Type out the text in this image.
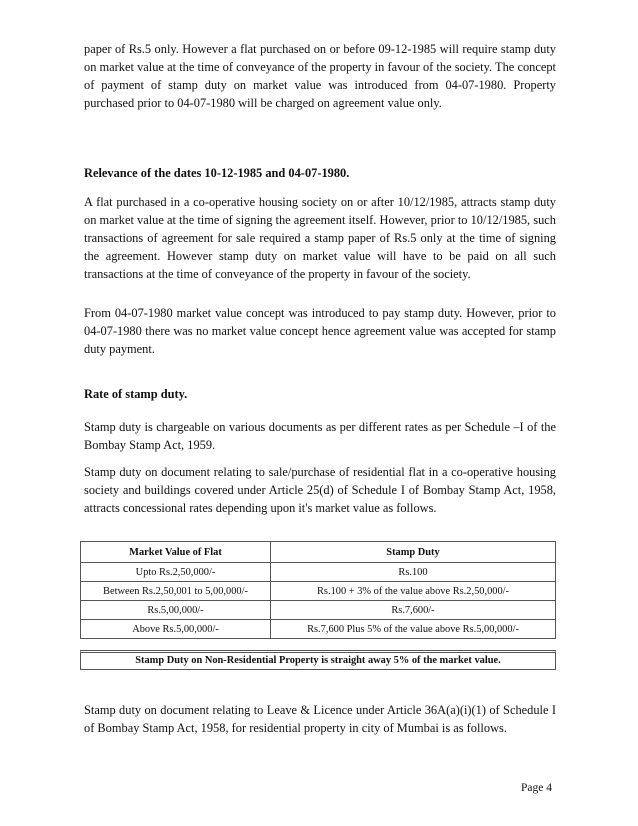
paper of Rs.5 only. However a flat purchased on or before 09-12-1985 will require stamp duty on market value at the time of conveyance of the property in favour of the society. The concept of payment of stamp duty on market value was introduced from 04-07-1980. Property purchased prior to 04-07-1980 will be charged on agreement value only.

Relevance of the dates 10-12-1985 and 04-07-1980.

A flat purchased in a co-operative housing society on or after 10/12/1985, attracts stamp duty on market value at the time of signing the agreement itself. However, prior to 10/12/1985, such transactions of agreement for sale required a stamp paper of Rs.5 only at the time of signing the agreement. However stamp duty on market value will have to be paid on all such transactions at the time of conveyance of the property in favour of the society.

From 04-07-1980 market value concept was introduced to pay stamp duty. However, prior to 04-07-1980 there was no market value concept hence agreement value was accepted for stamp duty payment.

Rate of stamp duty.

Stamp duty is chargeable on various documents as per different rates as per Schedule –I of the Bombay Stamp Act, 1959.

Stamp duty on document relating to sale/purchase of residential flat in a co-operative housing society and buildings covered under Article 25(d) of Schedule I of Bombay Stamp Act, 1958, attracts concessional rates depending upon it's market value as follows.

Market Value of Flat	Stamp Duty
Upto Rs.2,50,000/-	Rs.100
Between Rs.2,50,001 to 5,00,000/-	Rs.100 + 3% of the value above Rs.2,50,000/-
Rs.5,00,000/-	Rs.7,600/-
Above Rs.5,00,000/-	Rs.7,600 Plus 5% of the value above Rs.5,00,000/-
Stamp Duty on Non-Residential Property is straight away 5% of the market value.

Stamp duty on document relating to Leave & Licence under Article 36A(a)(i)(1) of Schedule I of Bombay Stamp Act, 1958, for residential property in city of Mumbai is as follows.

Page 4
